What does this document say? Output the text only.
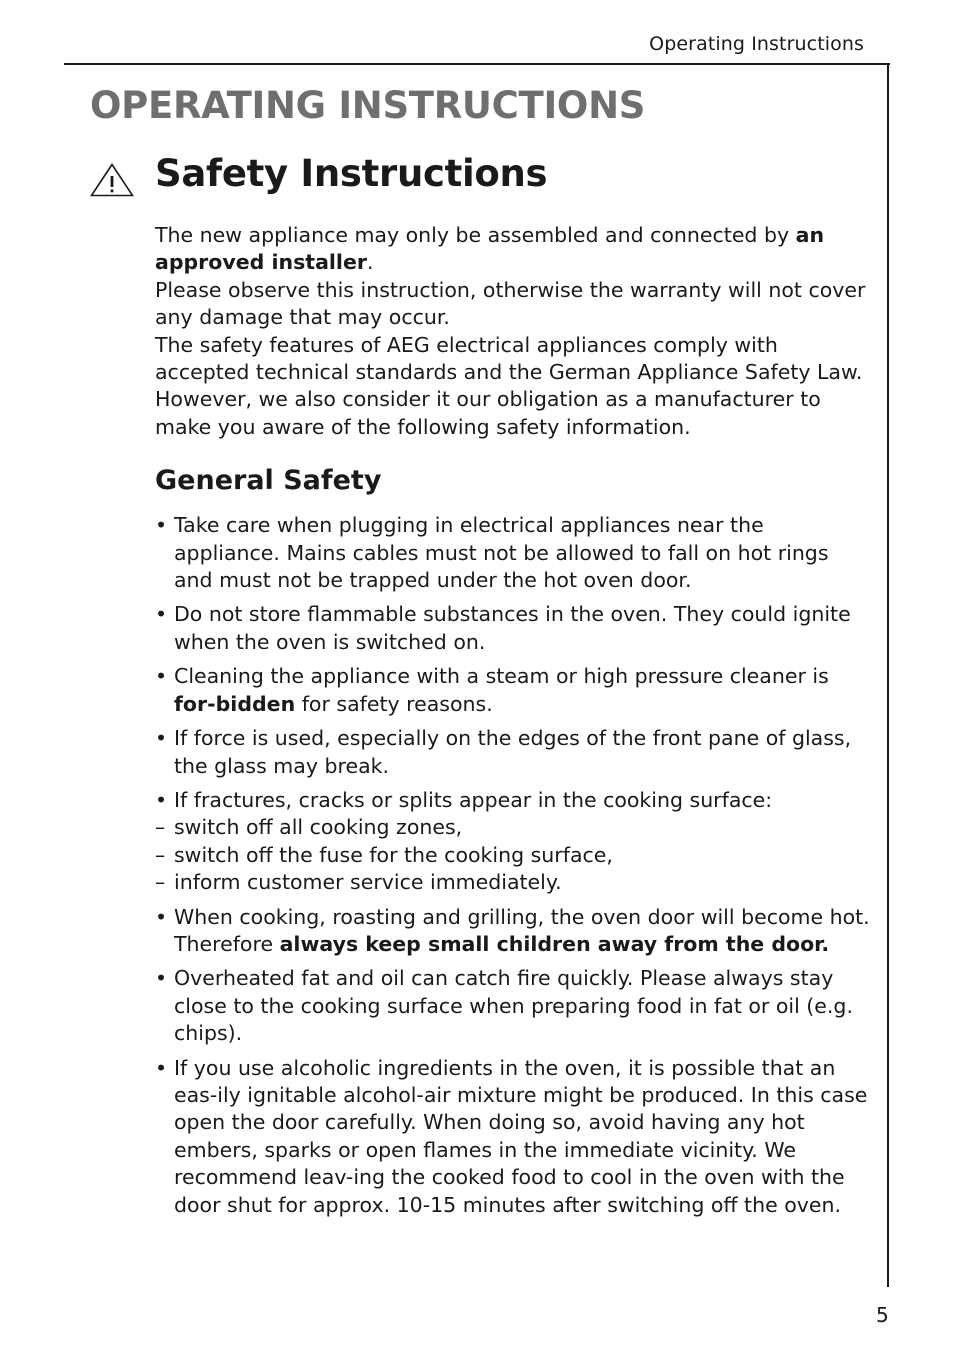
Operating Instructions
OPERATING INSTRUCTIONS
Safety Instructions

The new appliance may only be assembled and connected by an approved installer.

Please observe this instruction, otherwise the warranty will not cover any damage that may occur.

The safety features of AEG electrical appliances comply with accepted technical standards and the German Appliance Safety Law. However, we also consider it our obligation as a manufacturer to make you aware of the following safety information.

General Safety
• Take care when plugging in electrical appliances near the appliance. Mains cables must not be allowed to fall on hot rings and must not be trapped under the hot oven door.
• Do not store flammable substances in the oven. They could ignite when the oven is switched on.
• Cleaning the appliance with a steam or high pressure cleaner is for-bidden for safety reasons.
• If force is used, especially on the edges of the front pane of glass, the glass may break.
• If fractures, cracks or splits appear in the cooking surface:
– switch off all cooking zones,
– switch off the fuse for the cooking surface,
– inform customer service immediately.
• When cooking, roasting and grilling, the oven door will become hot. Therefore always keep small children away from the door.
• Overheated fat and oil can catch fire quickly. Please always stay close to the cooking surface when preparing food in fat or oil (e.g. chips).
• If you use alcoholic ingredients in the oven, it is possible that an eas-ily ignitable alcohol-air mixture might be produced. In this case open the door carefully. When doing so, avoid having any hot embers, sparks or open flames in the immediate vicinity. We recommend leav-ing the cooked food to cool in the oven with the door shut for approx. 10-15 minutes after switching off the oven.
5
